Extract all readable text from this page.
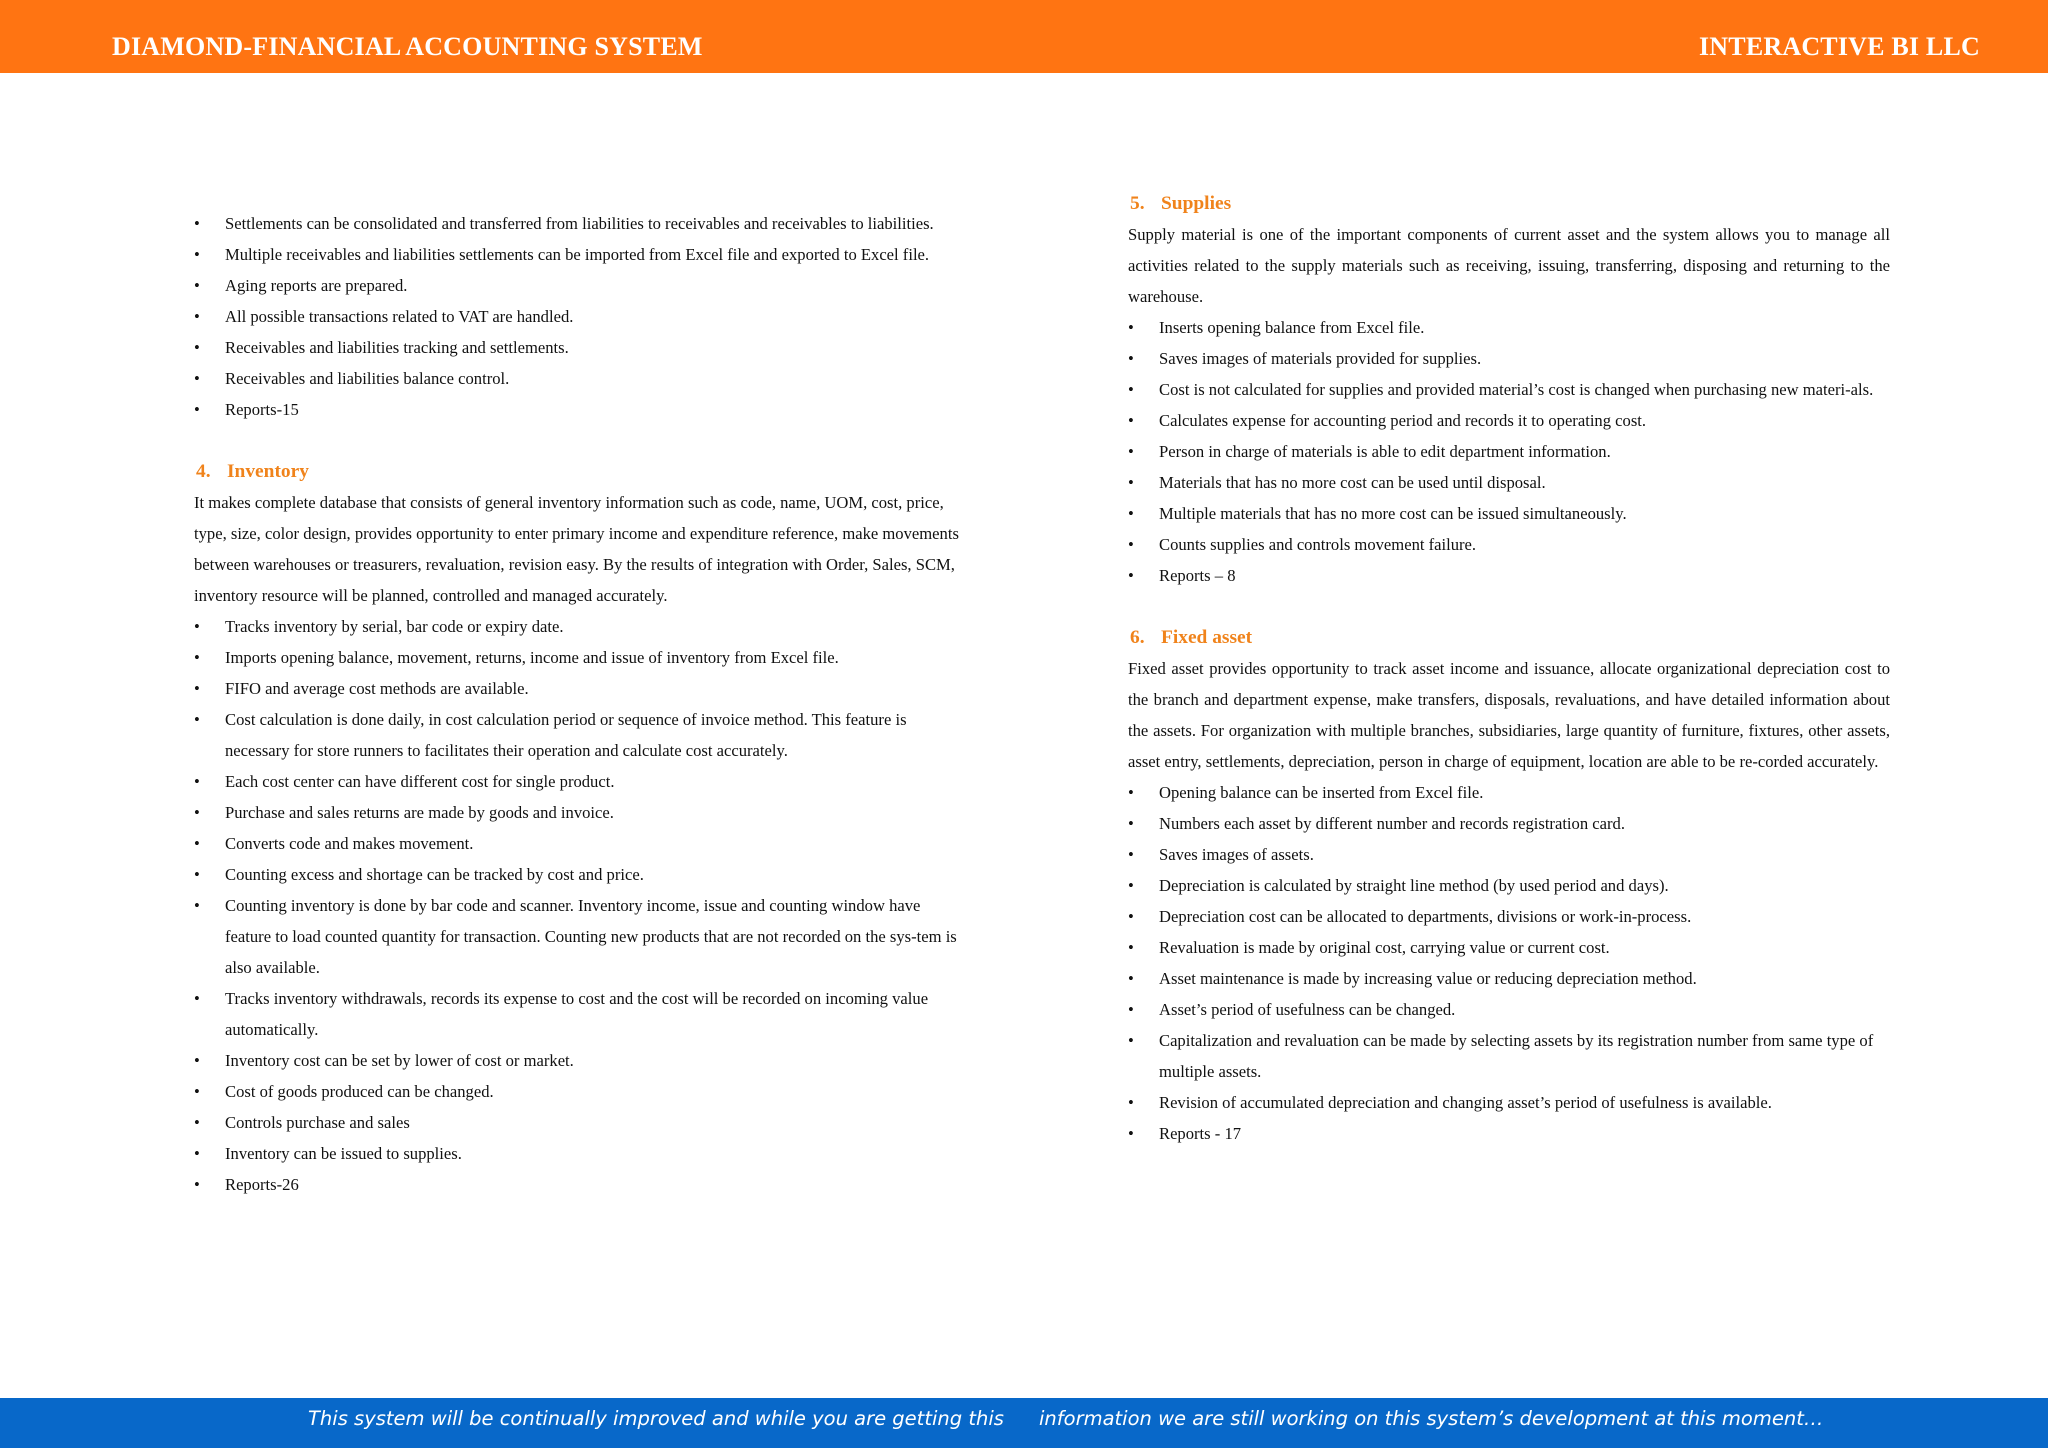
DIAMOND-FINANCIAL ACCOUNTING SYSTEM	INTERACTIVE BI LLC
• Settlements can be consolidated and transferred from liabilities to receivables and receivables to liabilities.
• Multiple receivables and liabilities settlements can be imported from Excel file and exported to Excel file.
• Aging reports are prepared.
• All possible transactions related to VAT are handled.
• Receivables and liabilities tracking and settlements.
• Receivables and liabilities balance control.
• Reports-15
4. Inventory

It makes complete database that consists of general inventory information such as code, name, UOM, cost, price, type, size, color design, provides opportunity to enter primary income and expenditure reference, make movements between warehouses or treasurers, revaluation, revision easy. By the results of integration with Order, Sales, SCM, inventory resource will be planned, controlled and managed accurately.

• Tracks inventory by serial, bar code or expiry date.
• Imports opening balance, movement, returns, income and issue of inventory from Excel file.
• FIFO and average cost methods are available.
• Cost calculation is done daily, in cost calculation period or sequence of invoice method. This feature is necessary for store runners to facilitates their operation and calculate cost accurately.
• Each cost center can have different cost for single product.
• Purchase and sales returns are made by goods and invoice.
• Converts code and makes movement.
• Counting excess and shortage can be tracked by cost and price.
• Counting inventory is done by bar code and scanner. Inventory income, issue and counting window have feature to load counted quantity for transaction. Counting new products that are not recorded on the sys-tem is also available.
• Tracks inventory withdrawals, records its expense to cost and the cost will be recorded on incoming value automatically.
• Inventory cost can be set by lower of cost or market.
• Cost of goods produced can be changed.
• Controls purchase and sales
• Inventory can be issued to supplies.
• Reports-26
5. Supplies

Supply material is one of the important components of current asset and the system allows you to manage all activities related to the supply materials such as receiving, issuing, transferring, disposing and returning to the warehouse.

• Inserts opening balance from Excel file.
• Saves images of materials provided for supplies.
• Cost is not calculated for supplies and provided material’s cost is changed when purchasing new materi-als.
• Calculates expense for accounting period and records it to operating cost.
• Person in charge of materials is able to edit department information.
• Materials that has no more cost can be used until disposal.
• Multiple materials that has no more cost can be issued simultaneously.
• Counts supplies and controls movement failure.
• Reports – 8
6. Fixed asset

Fixed asset provides opportunity to track asset income and issuance, allocate organizational depreciation cost to the branch and department expense, make transfers, disposals, revaluations, and have detailed information about the assets. For organization with multiple branches, subsidiaries, large quantity of furniture, fixtures, other assets, asset entry, settlements, depreciation, person in charge of equipment, location are able to be re-corded accurately.

• Opening balance can be inserted from Excel file.
• Numbers each asset by different number and records registration card.
• Saves images of assets.
• Depreciation is calculated by straight line method (by used period and days).
• Depreciation cost can be allocated to departments, divisions or work-in-process.
• Revaluation is made by original cost, carrying value or current cost.
• Asset maintenance is made by increasing value or reducing depreciation method.
• Asset’s period of usefulness can be changed.
• Capitalization and revaluation can be made by selecting assets by its registration number from same type of multiple assets.
• Revision of accumulated depreciation and changing asset’s period of usefulness is available.
• Reports - 17
This system will be continually improved and while you are getting this information we are still working on this system’s development at this moment…
